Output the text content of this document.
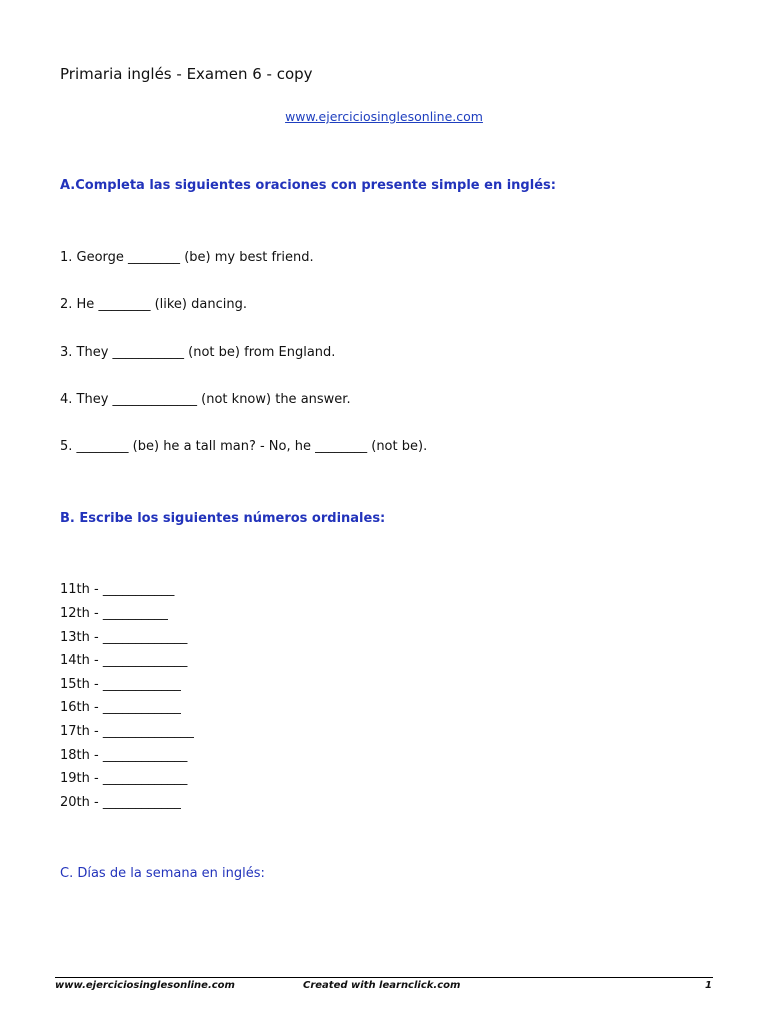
Primaria inglés - Examen 6 - copy
www.ejerciciosinglesonline.com
A.Completa las siguientes oraciones con presente simple en inglés:
1. George ________ (be) my best friend.
2. He ________ (like) dancing.
3. They ___________ (not be) from England.
4. They _____________ (not know) the answer.
5. ________ (be) he a tall man? - No, he ________ (not be).
B. Escribe los siguientes números ordinales:
11th - ___________
12th - __________
13th - _____________
14th - _____________
15th - ____________
16th - ____________
17th - ______________
18th - _____________
19th - _____________
20th - ____________
C. Días de la semana en inglés:
www.ejerciciosinglesonline.com	Created with learnclick.com	1
